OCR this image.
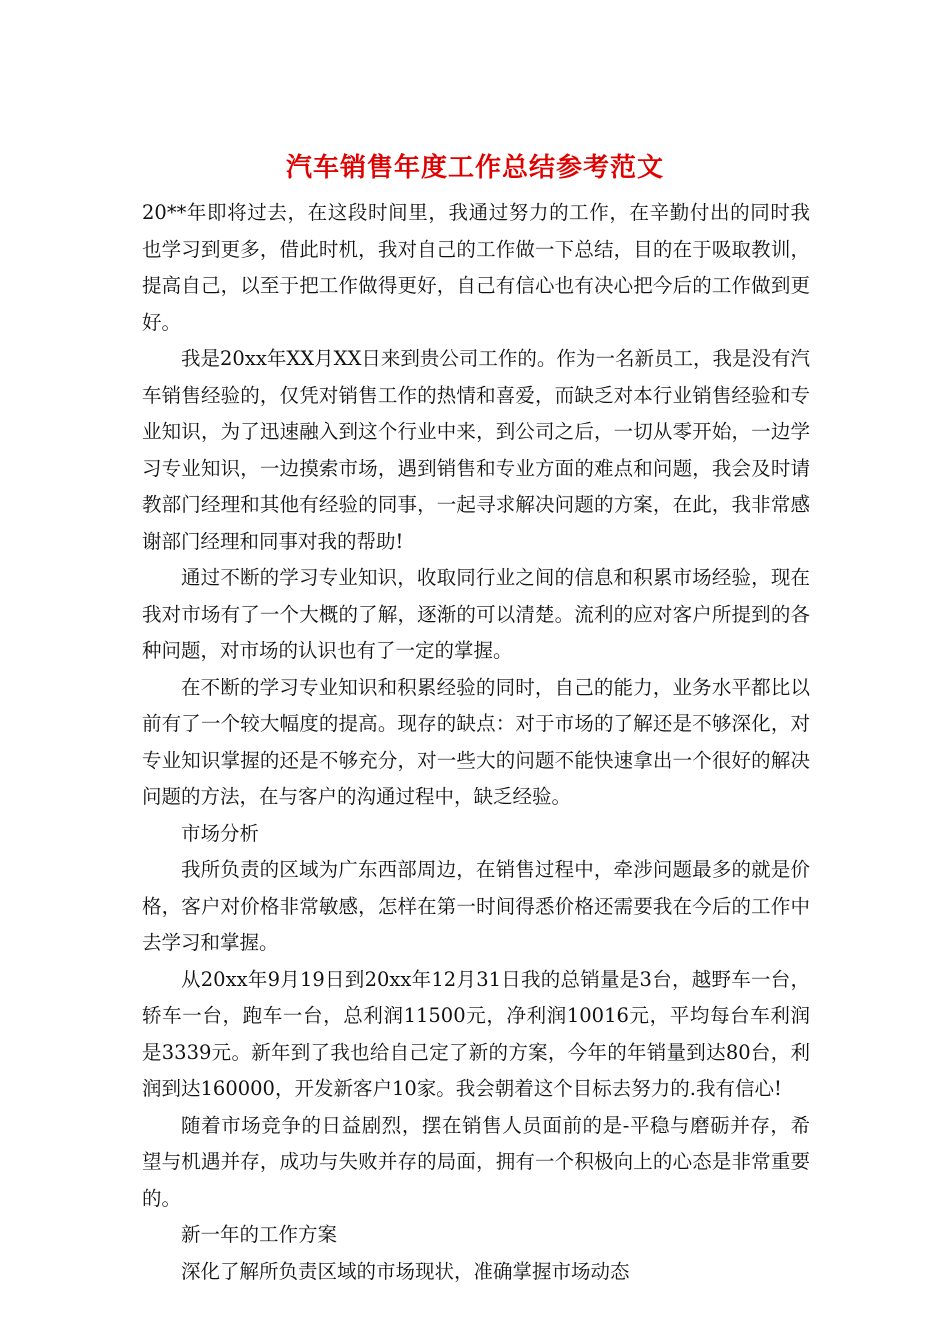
汽车销售年度工作总结参考范文

20**年即将过去，在这段时间里，我通过努力的工作，在辛勤付出的同时我也学习到更多，借此时机，我对自己的工作做一下总结，目的在于吸取教训，提高自己，以至于把工作做得更好，自己有信心也有决心把今后的工作做到更好。

我是20xx年XX月XX日来到贵公司工作的。作为一名新员工，我是没有汽车销售经验的，仅凭对销售工作的热情和喜爱，而缺乏对本行业销售经验和专业知识，为了迅速融入到这个行业中来，到公司之后，一切从零开始，一边学习专业知识，一边摸索市场，遇到销售和专业方面的难点和问题，我会及时请教部门经理和其他有经验的同事，一起寻求解决问题的方案，在此，我非常感谢部门经理和同事对我的帮助!

通过不断的学习专业知识，收取同行业之间的信息和积累市场经验，现在我对市场有了一个大概的了解，逐渐的可以清楚。流利的应对客户所提到的各种问题，对市场的认识也有了一定的掌握。

在不断的学习专业知识和积累经验的同时，自己的能力，业务水平都比以前有了一个较大幅度的提高。现存的缺点：对于市场的了解还是不够深化，对专业知识掌握的还是不够充分，对一些大的问题不能快速拿出一个很好的解决问题的方法，在与客户的沟通过程中，缺乏经验。

市场分析

我所负责的区域为广东西部周边，在销售过程中，牵涉问题最多的就是价格，客户对价格非常敏感，怎样在第一时间得悉价格还需要我在今后的工作中去学习和掌握。

从20xx年9月19日到20xx年12月31日我的总销量是3台，越野车一台，轿车一台，跑车一台，总利润11500元，净利润10016元，平均每台车利润是3339元。新年到了我也给自己定了新的方案，今年的年销量到达80台，利润到达160000，开发新客户10家。我会朝着这个目标去努力的.我有信心!

随着市场竞争的日益剧烈，摆在销售人员面前的是-平稳与磨砺并存，希望与机遇并存，成功与失败并存的局面，拥有一个积极向上的心态是非常重要的。

新一年的工作方案

深化了解所负责区域的市场现状，准确掌握市场动态
